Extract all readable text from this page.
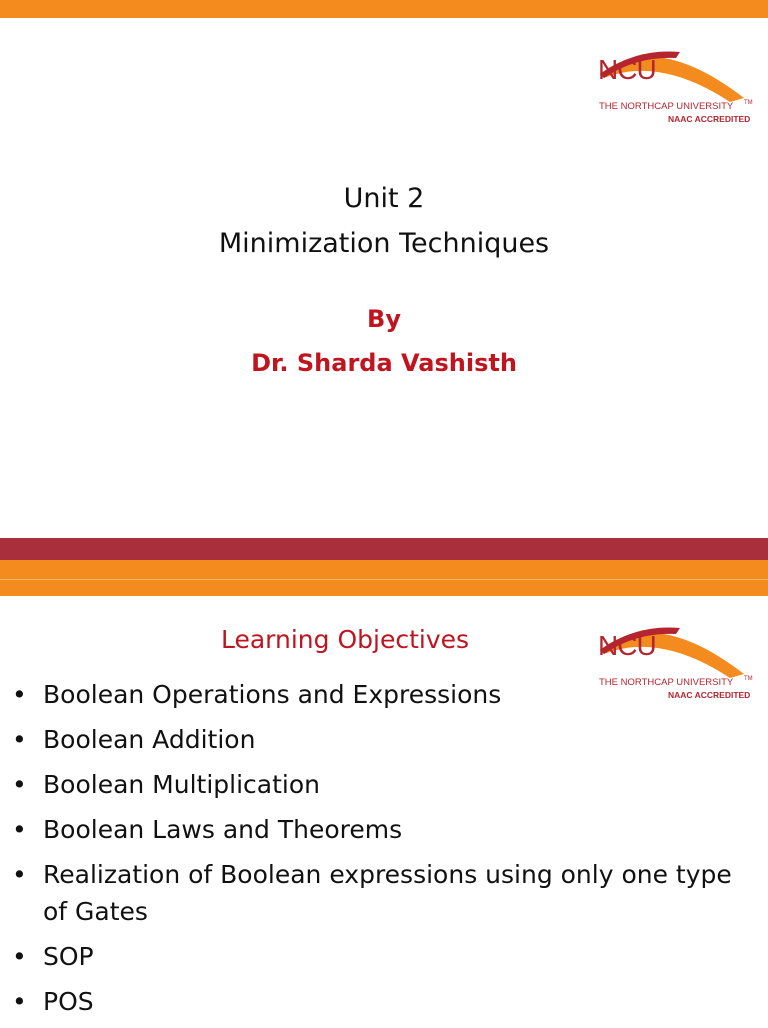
NCU
THE NORTHCAP UNIVERSITY TM
NAAC ACCREDITED
Unit 2
Minimization Techniques
By
Dr. Sharda Vashisth
NCU
THE NORTHCAP UNIVERSITY TM
NAAC ACCREDITED
Learning Objectives
• Boolean Operations and Expressions
• Boolean Addition
• Boolean Multiplication
• Boolean Laws and Theorems
• Realization of Boolean expressions using only one type of Gates
• SOP
• POS
